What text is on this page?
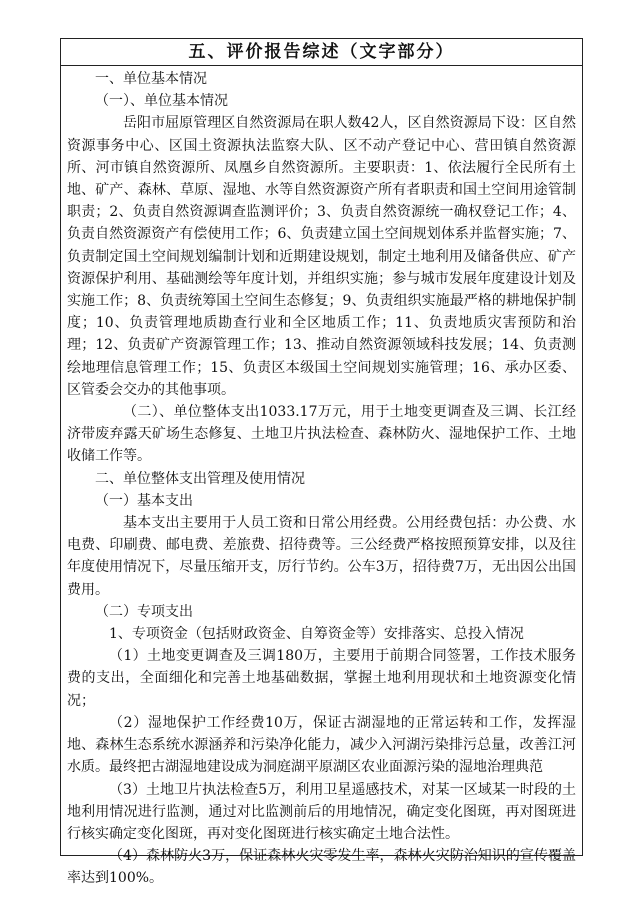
五、评价报告综述（文字部分）

一、单位基本情况

（一）、单位基本情况

岳阳市屈原管理区自然资源局在职人数42人，区自然资源局下设：区自然资源事务中心、区国土资源执法监察大队、区不动产登记中心、营田镇自然资源所、河市镇自然资源所、凤凰乡自然资源所。主要职责：1、依法履行全民所有土地、矿产、森林、草原、湿地、水等自然资源资产所有者职责和国土空间用途管制职责；2、负责自然资源调查监测评价；3、负责自然资源统一确权登记工作；4、负责自然资源资产有偿使用工作；6、负责建立国土空间规划体系并监督实施；7、负责制定国土空间规划编制计划和近期建设规划，制定土地利用及储备供应、矿产资源保护利用、基础测绘等年度计划，并组织实施；参与城市发展年度建设计划及实施工作；8、负责统筹国土空间生态修复；9、负责组织实施最严格的耕地保护制度；10、负责管理地质勘查行业和全区地质工作；11、负责地质灾害预防和治理；12、负责矿产资源管理工作；13、推动自然资源领域科技发展；14、负责测绘地理信息管理工作；15、负责区本级国土空间规划实施管理；16、承办区委、区管委会交办的其他事项。

（二）、单位整体支出1033.17万元，用于土地变更调查及三调、长江经济带废弃露天矿场生态修复、土地卫片执法检查、森林防火、湿地保护工作、土地收储工作等。

二、单位整体支出管理及使用情况

（一）基本支出

基本支出主要用于人员工资和日常公用经费。公用经费包括：办公费、水电费、印刷费、邮电费、差旅费、招待费等。三公经费严格按照预算安排，以及往年度使用情况下，尽量压缩开支，厉行节约。公车3万，招待费7万，无出因公出国费用。

（二）专项支出

1、专项资金（包括财政资金、自筹资金等）安排落实、总投入情况

（1）土地变更调查及三调180万，主要用于前期合同签署，工作技术服务费的支出，全面细化和完善土地基础数据，掌握土地利用现状和土地资源变化情况；

（2）湿地保护工作经费10万，保证古湖湿地的正常运转和工作，发挥湿地、森林生态系统水源涵养和污染净化能力，减少入河湖污染排污总量，改善江河水质。最终把古湖湿地建设成为洞庭湖平原湖区农业面源污染的湿地治理典范

（3）土地卫片执法检查5万，利用卫星遥感技术，对某一区域某一时段的土地利用情况进行监测，通过对比监测前后的用地情况，确定变化图斑，再对图斑进行核实确定变化图斑，再对变化图斑进行核实确定土地合法性。

（4）森林防火3万，保证森林火灾零发生率，森林火灾防治知识的宣传覆盖率达到100%。
